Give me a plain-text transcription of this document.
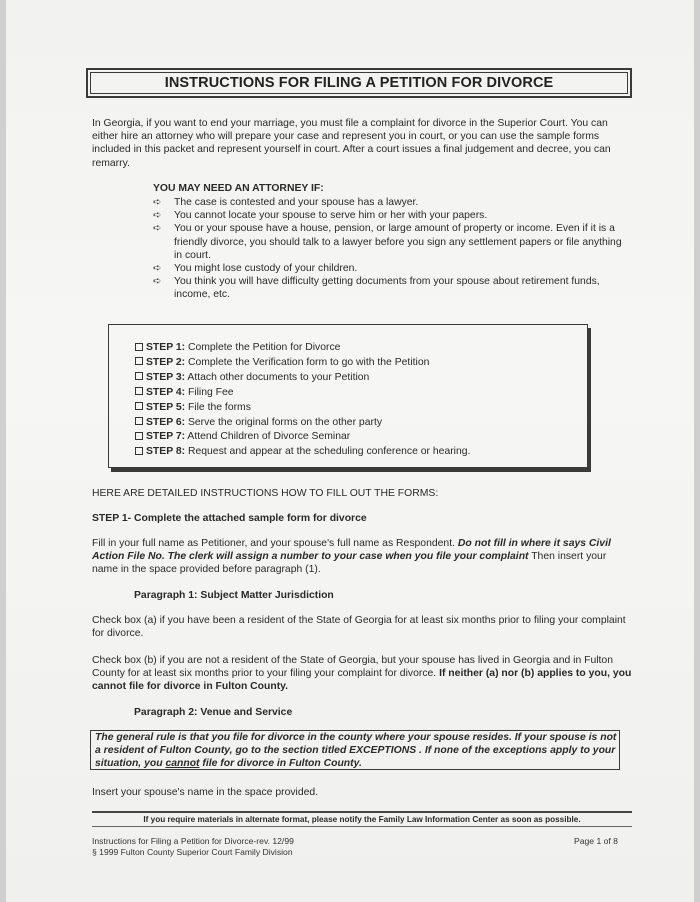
INSTRUCTIONS FOR FILING A PETITION FOR DIVORCE
In Georgia, if you want to end your marriage, you must file a complaint for divorce in the Superior Court. You can either hire an attorney who will prepare your case and represent you in court, or you can use the sample forms included in this packet and represent yourself in court. After a court issues a final judgement and decree, you can remarry.
YOU MAY NEED AN ATTORNEY IF:
➪ The case is contested and your spouse has a lawyer.
➪ You cannot locate your spouse to serve him or her with your papers.
➪ You or your spouse have a house, pension, or large amount of property or income. Even if it is a friendly divorce, you should talk to a lawyer before you sign any settlement papers or file anything in court.
➪ You might lose custody of your children.
➪ You think you will have difficulty getting documents from your spouse about retirement funds, income, etc.
STEP 1: Complete the Petition for Divorce
STEP 2: Complete the Verification form to go with the Petition
STEP 3: Attach other documents to your Petition
STEP 4: Filing Fee
STEP 5: File the forms
STEP 6: Serve the original forms on the other party
STEP 7: Attend Children of Divorce Seminar
STEP 8: Request and appear at the scheduling conference or hearing.
HERE ARE DETAILED INSTRUCTIONS HOW TO FILL OUT THE FORMS:
STEP 1- Complete the attached sample form for divorce
Fill in your full name as Petitioner, and your spouse's full name as Respondent. Do not fill in where it says Civil Action File No. The clerk will assign a number to your case when you file your complaint Then insert your name in the space provided before paragraph (1).
Paragraph 1: Subject Matter Jurisdiction
Check box (a) if you have been a resident of the State of Georgia for at least six months prior to filing your complaint for divorce.
Check box (b) if you are not a resident of the State of Georgia, but your spouse has lived in Georgia and in Fulton County for at least six months prior to your filing your complaint for divorce. If neither (a) nor (b) applies to you, you cannot file for divorce in Fulton County.
Paragraph 2: Venue and Service
The general rule is that you file for divorce in the county where your spouse resides. If your spouse is not a resident of Fulton County, go to the section titled EXCEPTIONS . If none of the exceptions apply to your situation, you cannot file for divorce in Fulton County.
Insert your spouse's name in the space provided.
If you require materials in alternate format, please notify the Family Law Information Center as soon as possible.
Instructions for Filing a Petition for Divorce-rev. 12/99
§ 1999 Fulton County Superior Court Family Division
Page 1 of 8
